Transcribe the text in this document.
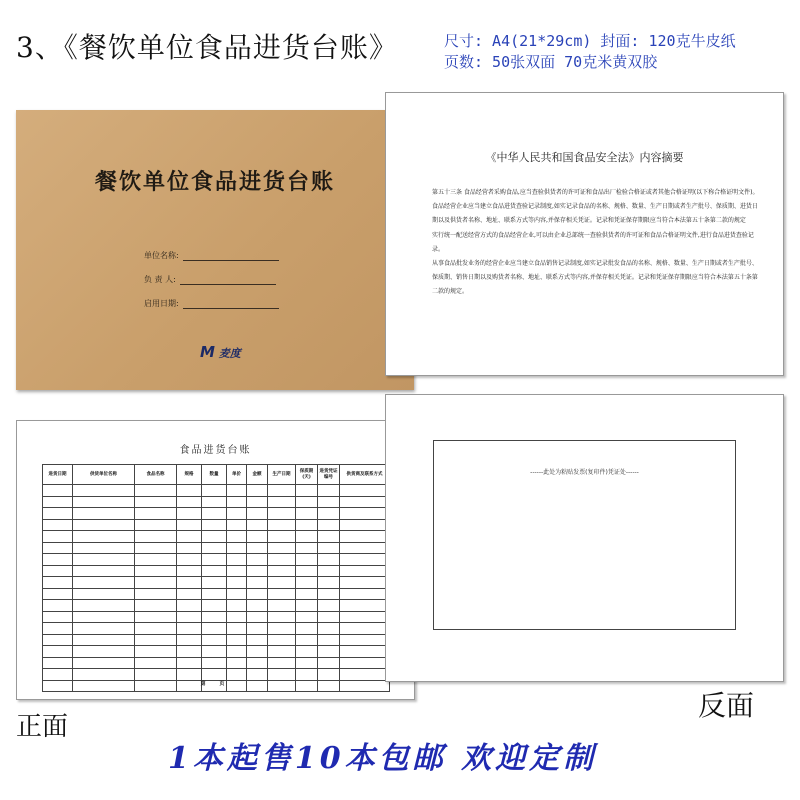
3、《餐饮单位食品进货台账》	尺寸: A4(21*29cm) 封面: 120克牛皮纸
页数: 50张双面 70克米黄双胶
餐饮单位食品进货台账
单位名称:
负 责 人:
启用日期:
M 麦度
《中华人民共和国食品安全法》内容摘要

第五十三条 食品经营者采购食品,应当查验供货者的许可证和食品出厂检验合格证或者其他合格证明(以下称合格证明文件)。

食品经营企业应当建立食品进货查验记录制度,如实记录食品的名称、规格、数量、生产日期或者生产批号、保质期、进货日期以及供货者名称、地址、联系方式等内容,并保存相关凭证。记录和凭证保存期限应当符合本法第五十条第二款的规定

实行统一配送经营方式的食品经营企业,可以由企业总部统一查验供货者的许可证和食品合格证明文件,进行食品进货查验记录。

从事食品批发业务的经营企业应当建立食品销售记录制度,如实记录批发食品的名称、规格、数量、生产日期或者生产批号、保质期、销售日期以及购货者名称、地址、联系方式等内容,并保存相关凭证。记录和凭证保存期限应当符合本法第五十条第二款的规定。

食品进货台账
进货日期	供货单位名称	食品名称	规格	数量	单价	金额	生产日期	保质期(天)	进货凭证编号	供货商及联系方式

第 页
------此处为粘贴发票(复印件)凭证处------
正面
反面
1本起售10本包邮 欢迎定制
